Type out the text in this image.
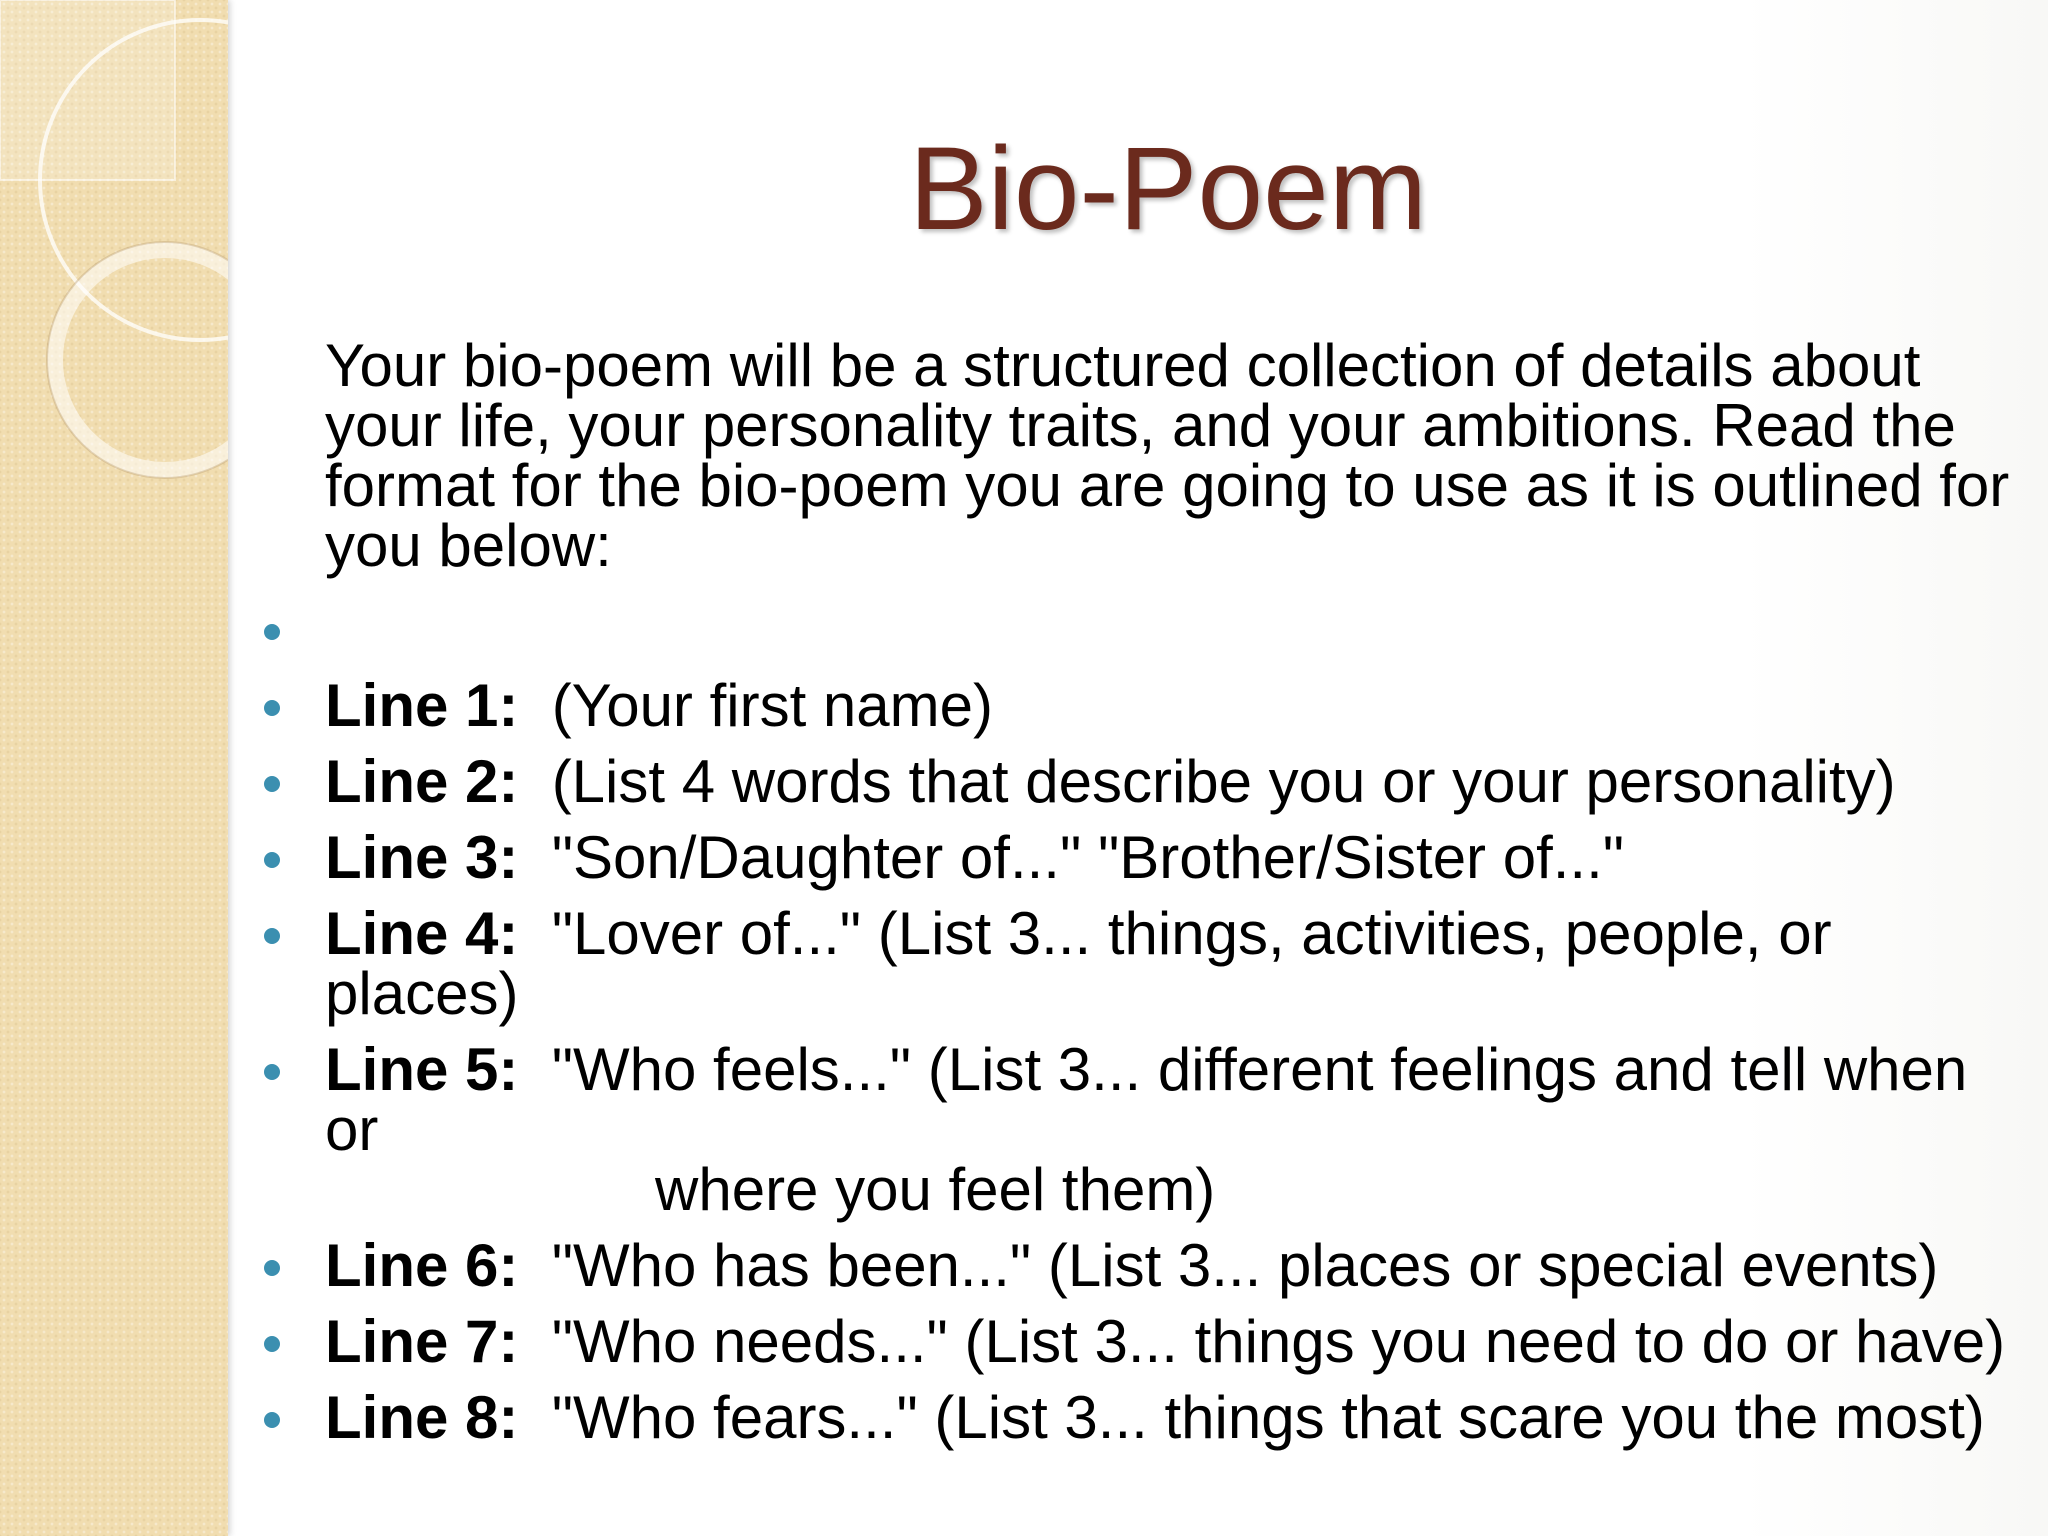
Bio-Poem

Your bio-poem will be a structured collection of details about your life, your personality traits, and your ambitions. Read the format for the bio-poem you are going to use as it is outlined for you below:

Line 1: (Your first name)
Line 2: (List 4 words that describe you or your personality)
Line 3: "Son/Daughter of..." "Brother/Sister of..."
Line 4: "Lover of..." (List 3... things, activities, people, or places)
Line 5: "Who feels..." (List 3... different feelings and tell when or
where you feel them)
Line 6: "Who has been..." (List 3... places or special events)
Line 7: "Who needs..." (List 3... things you need to do or have)
Line 8: "Who fears..." (List 3... things that scare you the most)
